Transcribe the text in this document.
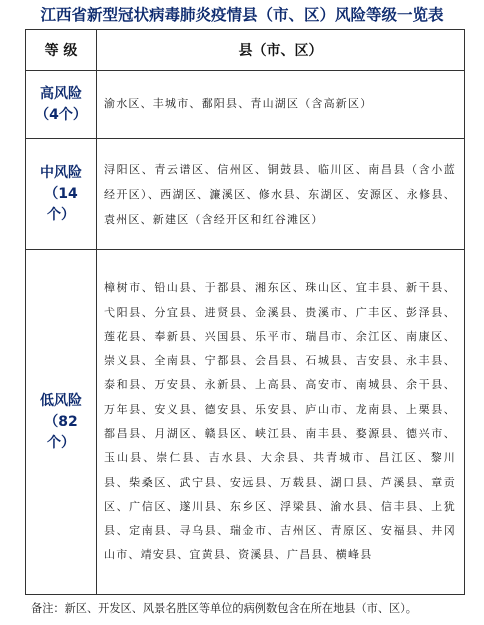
江西省新型冠状病毒肺炎疫情县（市、区）风险等级一览表
等 级	县（市、区）

高风险
（4个）	渝水区、丰城市、鄱阳县、青山湖区（含高新区）

中风险
（14个）	浔阳区、青云谱区、信州区、铜鼓县、临川区、南昌县（含小蓝经开区）、西湖区、濂溪区、修水县、东湖区、安源区、永修县、袁州区、新建区（含经开区和红谷滩区）

低风险
（82个）	樟树市、铅山县、于都县、湘东区、珠山区、宜丰县、新干县、弋阳县、分宜县、进贤县、金溪县、贵溪市、广丰区、彭泽县、莲花县、奉新县、兴国县、乐平市、瑞昌市、余江区、南康区、崇义县、全南县、宁都县、会昌县、石城县、吉安县、永丰县、泰和县、万安县、永新县、上高县、高安市、南城县、余干县、万年县、安义县、德安县、乐安县、庐山市、龙南县、上栗县、都昌县、月湖区、赣县区、峡江县、南丰县、婺源县、德兴市、玉山县、崇仁县、吉水县、大余县、共青城市、昌江区、黎川县、柴桑区、武宁县、安远县、万载县、湖口县、芦溪县、章贡区、广信区、遂川县、东乡区、浮梁县、渝水县、信丰县、上犹县、定南县、寻乌县、瑞金市、吉州区、青原区、安福县、井冈山市、靖安县、宜黄县、资溪县、广昌县、横峰县
备注：新区、开发区、风景名胜区等单位的病例数包含在所在地县（市、区）。
